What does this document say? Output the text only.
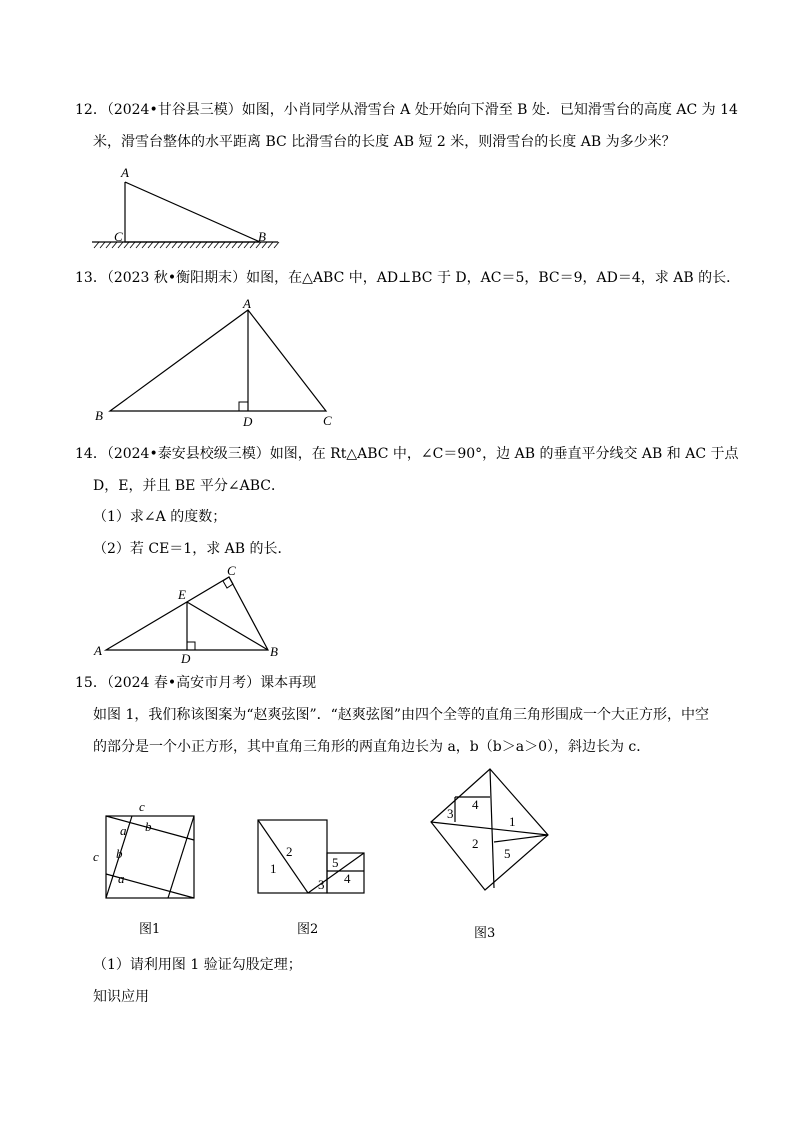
12．（2024•甘谷县三模）如图，小肖同学从滑雪台 A 处开始向下滑至 B 处．已知滑雪台的高度 AC 为 14
米，滑雪台整体的水平距离 BC 比滑雪台的长度 AB 短 2 米，则滑雪台的长度 AB 为多少米？
A
C	B
13．（2023 秋•衡阳期末）如图，在△ABC 中，AD⊥BC 于 D，AC＝5，BC＝9，AD＝4，求 AB 的长．
A
B	D	C
14．（2024•泰安县校级三模）如图，在 Rt△ABC 中，∠C＝90°，边 AB 的垂直平分线交 AB 和 AC 于点
D，E，并且 BE 平分∠ABC．
（1）求∠A 的度数；
（2）若 CE＝1，求 AB 的长．
A
C
E
B
D
15．（2024 春•高安市月考）课本再现
如图 1，我们称该图案为“赵爽弦图”．“赵爽弦图”由四个全等的直角三角形围成一个大正方形，中空
的部分是一个小正方形，其中直角三角形的两直角边长为 a，b（b＞a＞0），斜边长为 c．
c
c
a b
b
a
图1
1
2
3 4
5
图2
3
4
1
2
5
图3
（1）请利用图 1 验证勾股定理；
知识应用
